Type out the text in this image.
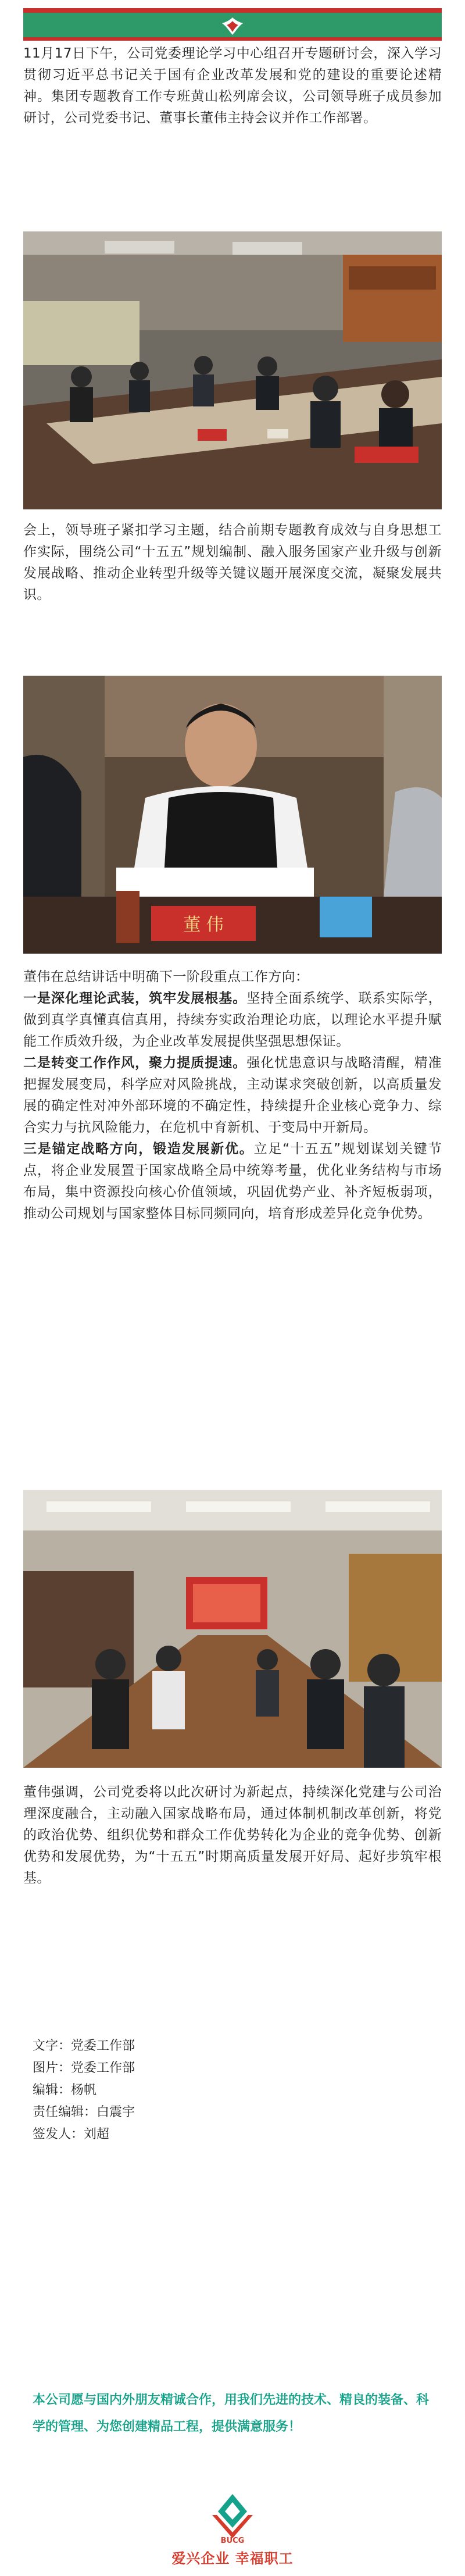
11月17日下午，公司党委理论学习中心组召开专题研讨会，深入学习贯彻习近平总书记关于国有企业改革发展和党的建设的重要论述精神。集团专题教育工作专班黄山松列席会议，公司领导班子成员参加研讨，公司党委书记、董事长董伟主持会议并作工作部署。

会上，领导班子紧扣学习主题，结合前期专题教育成效与自身思想工作实际，围绕公司“十五五”规划编制、融入服务国家产业升级与创新发展战略、推动企业转型升级等关键议题开展深度交流，凝聚发展共识。

董 伟
董伟在总结讲话中明确下一阶段重点工作方向：
一是深化理论武装，筑牢发展根基。坚持全面系统学、联系实际学，做到真学真懂真信真用，持续夯实政治理论功底，以理论水平提升赋能工作质效升级，为企业改革发展提供坚强思想保证。
二是转变工作作风，聚力提质提速。强化忧患意识与战略清醒，精准把握发展变局，科学应对风险挑战，主动谋求突破创新，以高质量发展的确定性对冲外部环境的不确定性，持续提升企业核心竞争力、综合实力与抗风险能力，在危机中育新机、于变局中开新局。
三是锚定战略方向，锻造发展新优。立足“十五五”规划谋划关键节点，将企业发展置于国家战略全局中统筹考量，优化业务结构与市场布局，集中资源投向核心价值领域，巩固优势产业、补齐短板弱项，推动公司规划与国家整体目标同频同向，培育形成差异化竞争优势。

董伟强调，公司党委将以此次研讨为新起点，持续深化党建与公司治理深度融合，主动融入国家战略布局，通过体制机制改革创新，将党的政治优势、组织优势和群众工作优势转化为企业的竞争优势、创新优势和发展优势，为“十五五”时期高质量发展开好局、起好步筑牢根基。

文字：党委工作部
图片：党委工作部
编辑：杨帆
责任编辑：白震宇
签发人：刘超

本公司愿与国内外朋友精诚合作，用我们先进的技术、精良的装备、科学的管理、为您创建精品工程，提供满意服务！

BUCG
爱兴企业 幸福职工
